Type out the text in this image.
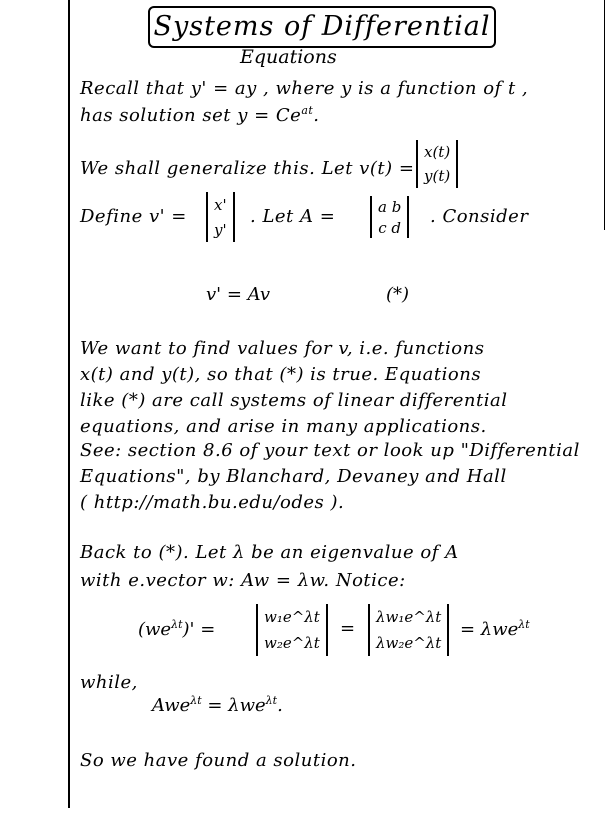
Systems of Differential
Equations
Recall that y' = ay , where y is a function of t ,
has solution set $y = Ce^{at}$.
We shall generalize this. Let v(t) =
x(t)
y(t)
Define v' =
x'
y'
. Let A =	a b
c d
. Consider
v' = Av	(*)
We want to find values for v, i.e. functions
x(t) and y(t), so that (*) is true. Equations
like (*) are call systems of linear differential
equations, and arise in many applications.
See: section 8.6 of your text or look up "Differential
Equations", by Blanchard, Devaney and Hall
( http://math.bu.edu/odes ).
Back to (*). Let λ be an eigenvalue of A
with e.vector w: Aw = λw. Notice:
$(we^{\lambda t})'$ =
w₁e^λt
w₂e^λt
=
λw₁e^λt
λw₂e^λt
= λwe$^{\lambda t}$
while,
Awe$^{\lambda t}$ = λwe$^{\lambda t}$.
So we have found a solution.
